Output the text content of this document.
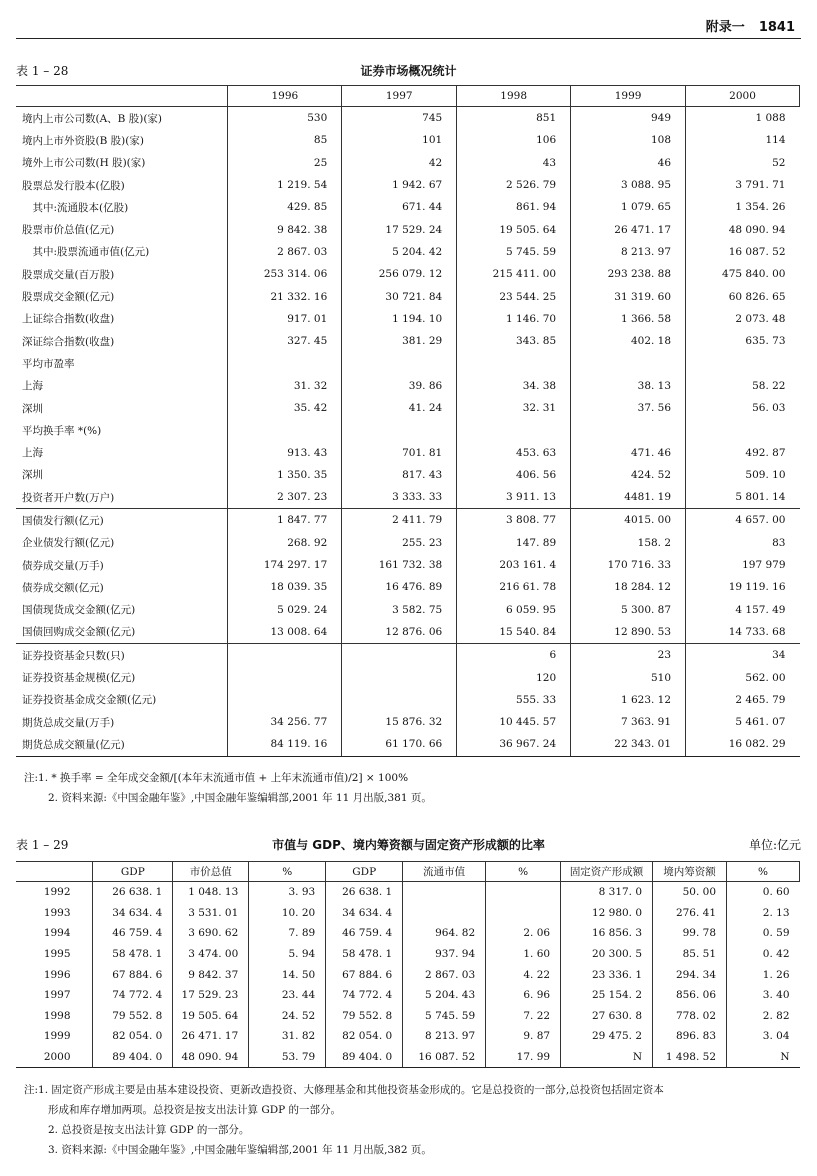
附录一 1841
表 1 – 28	证券市场概况统计
	1996	1997	1998	1999	2000
境内上市公司数(A、B 股)(家)	530	745	851	949	1 088
境内上市外资股(B 股)(家)	85	101	106	108	114
境外上市公司数(H 股)(家)	25	42	43	46	52
股票总发行股本(亿股)	1 219. 54	1 942. 67	2 526. 79	3 088. 95	3 791. 71
　其中:流通股本(亿股)	429. 85	671. 44	861. 94	1 079. 65	1 354. 26
股票市价总值(亿元)	9 842. 38	17 529. 24	19 505. 64	26 471. 17	48 090. 94
　其中:股票流通市值(亿元)	2 867. 03	5 204. 42	5 745. 59	8 213. 97	16 087. 52
股票成交量(百万股)	253 314. 06	256 079. 12	215 411. 00	293 238. 88	475 840. 00
股票成交金额(亿元)	21 332. 16	30 721. 84	23 544. 25	31 319. 60	60 826. 65
上证综合指数(收盘)	917. 01	1 194. 10	1 146. 70	1 366. 58	2 073. 48
深证综合指数(收盘)	327. 45	381. 29	343. 85	402. 18	635. 73
平均市盈率					
上海	31. 32	39. 86	34. 38	38. 13	58. 22
深圳	35. 42	41. 24	32. 31	37. 56	56. 03
平均换手率 *(%)					
上海	913. 43	701. 81	453. 63	471. 46	492. 87
深圳	1 350. 35	817. 43	406. 56	424. 52	509. 10
投资者开户数(万户)	2 307. 23	3 333. 33	3 911. 13	4481. 19	5 801. 14
国债发行额(亿元)	1 847. 77	2 411. 79	3 808. 77	4015. 00	4 657. 00
企业债发行额(亿元)	268. 92	255. 23	147. 89	158. 2	83
债券成交量(万手)	174 297. 17	161 732. 38	203 161. 4	170 716. 33	197 979
债券成交额(亿元)	18 039. 35	16 476. 89	216 61. 78	18 284. 12	19 119. 16
国债现货成交金额(亿元)	5 029. 24	3 582. 75	6 059. 95	5 300. 87	4 157. 49
国债回购成交金额(亿元)	13 008. 64	12 876. 06	15 540. 84	12 890. 53	14 733. 68
证券投资基金只数(只)			6	23	34
证券投资基金规模(亿元)			120	510	562. 00
证券投资基金成交金额(亿元)			555. 33	1 623. 12	2 465. 79
期货总成交量(万手)	34 256. 77	15 876. 32	10 445. 57	7 363. 91	5 461. 07
期货总成交额量(亿元)	84 119. 16	61 170. 66	36 967. 24	22 343. 01	16 082. 29
注:1. * 换手率 = 全年成交金额/[(本年末流通市值 + 上年末流通市值)/2] × 100%
2. 资料来源:《中国金融年鉴》,中国金融年鉴编辑部,2001 年 11 月出版,381 页。
表 1 – 29	市值与 GDP、境内筹资额与固定资产形成额的比率	单位:亿元
	GDP	市价总值	%	GDP	流通市值	%	固定资产形成额	境内筹资额	%
1992	26 638. 1	1 048. 13	3. 93	26 638. 1			8 317. 0	50. 00	0. 60
1993	34 634. 4	3 531. 01	10. 20	34 634. 4			12 980. 0	276. 41	2. 13
1994	46 759. 4	3 690. 62	7. 89	46 759. 4	964. 82	2. 06	16 856. 3	99. 78	0. 59
1995	58 478. 1	3 474. 00	5. 94	58 478. 1	937. 94	1. 60	20 300. 5	85. 51	0. 42
1996	67 884. 6	9 842. 37	14. 50	67 884. 6	2 867. 03	4. 22	23 336. 1	294. 34	1. 26
1997	74 772. 4	17 529. 23	23. 44	74 772. 4	5 204. 43	6. 96	25 154. 2	856. 06	3. 40
1998	79 552. 8	19 505. 64	24. 52	79 552. 8	5 745. 59	7. 22	27 630. 8	778. 02	2. 82
1999	82 054. 0	26 471. 17	31. 82	82 054. 0	8 213. 97	9. 87	29 475. 2	896. 83	3. 04
2000	89 404. 0	48 090. 94	53. 79	89 404. 0	16 087. 52	17. 99	N	1 498. 52	N
注:1. 固定资产形成主要是由基本建设投资、更新改造投资、大修理基金和其他投资基金形成的。它是总投资的一部分,总投资包括固定资本
形成和库存增加两项。总投资是按支出法计算 GDP 的一部分。
2. 总投资是按支出法计算 GDP 的一部分。
3. 资料来源:《中国金融年鉴》,中国金融年鉴编辑部,2001 年 11 月出版,382 页。
